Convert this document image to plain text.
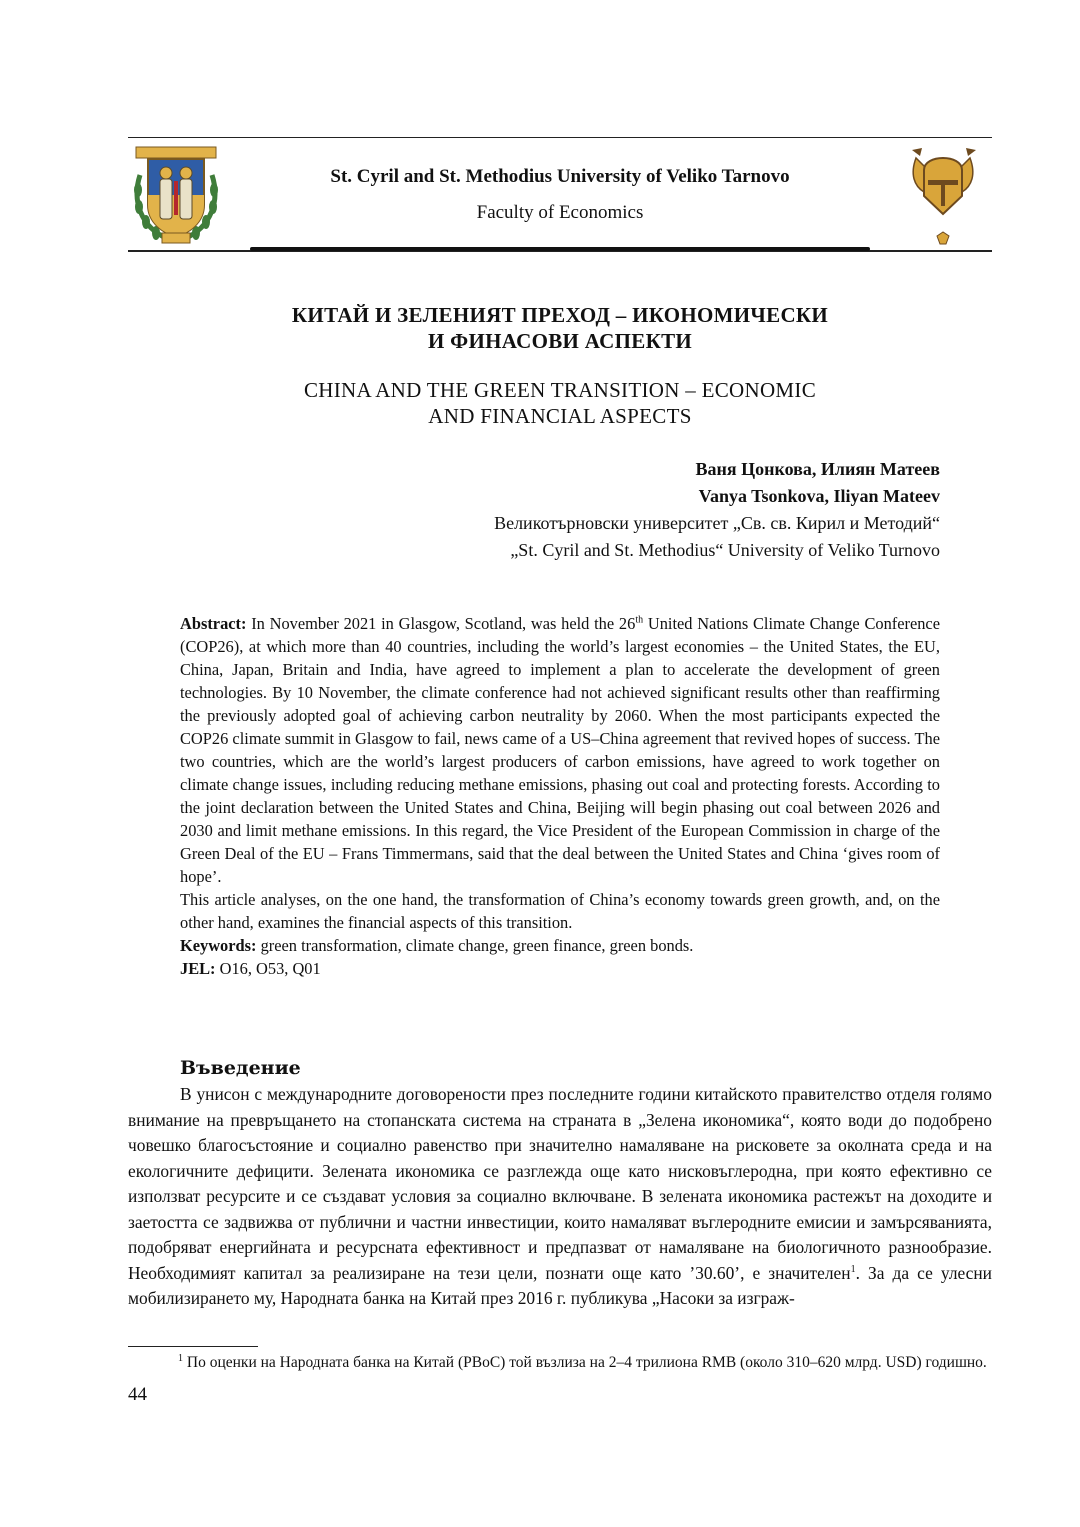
St. Cyril and St. Methodius University of Veliko Tarnovo
Faculty of Economics
КИТАЙ И ЗЕЛЕНИЯТ ПРЕХОД – ИКОНОМИЧЕСКИ
И ФИНАСОВИ АСПЕКТИ
CHINA AND THE GREEN TRANSITION – ECONOMIC
AND FINANCIAL ASPECTS
Ваня Цонкова, Илиян Матеев
Vanya Tsonkova, Iliyan Mateev
Великотърновски университет „Св. св. Кирил и Методий“
„St. Cyril and St. Methodius“ University of Veliko Turnovo

Abstract: In November 2021 in Glasgow, Scotland, was held the 26th United Nations Climate Change Conference (COP26), at which more than 40 countries, including the world’s largest economies – the United States, the EU, China, Japan, Britain and India, have agreed to implement a plan to accelerate the development of green technologies. By 10 November, the climate conference had not achieved significant results other than reaffirming the previously adopted goal of achieving carbon neutrality by 2060. When the most participants expected the COP26 climate summit in Glasgow to fail, news came of a US–China agreement that revived hopes of success. The two countries, which are the world’s largest producers of carbon emissions, have agreed to work together on climate change issues, including reducing methane emissions, phasing out coal and protecting forests. According to the joint declaration between the United States and China, Beijing will begin phasing out coal between 2026 and 2030 and limit methane emissions. In this regard, the Vice President of the European Commission in charge of the Green Deal of the EU – Frans Timmermans, said that the deal between the United States and China ‘gives room of hope’.

This article analyses, on the one hand, the transformation of China’s economy towards green growth, and, on the other hand, examines the financial aspects of this transition.

Keywords: green transformation, climate change, green finance, green bonds.

JEL: O16, O53, Q01

Въведение

В унисон с международните договорености през последните години китайското правителство отделя голямо внимание на превръщането на стопанската система на страната в „Зелена икономика“, която води до подобрено човешко благосъстояние и социално равенство при значително намаляване на рисковете за околната среда и на екологичните дефицити. Зелената икономика се разглежда още като нисковъглеродна, при която ефективно се използват ресурсите и се създават условия за социално включване. В зелената икономика растежът на доходите и заетостта се задвижва от публични и частни инвестиции, които намаляват въглеродните емисии и замърсяванията, подобряват енергийната и ресурсната ефективност и предпазват от намаляване на биологичното разнообразие. Необходимият капитал за реализиране на тези цели, познати още като ’30.60’, е значителен$^1$. За да се улесни мобилизирането му, Народната банка на Китай през 2016 г. публикува „Насоки за изграж-

$^1$ По оценки на Народната банка на Китай (PBoC) той възлиза на 2–4 трилиона RMB (около 310–620 млрд. USD) годишно.

44
